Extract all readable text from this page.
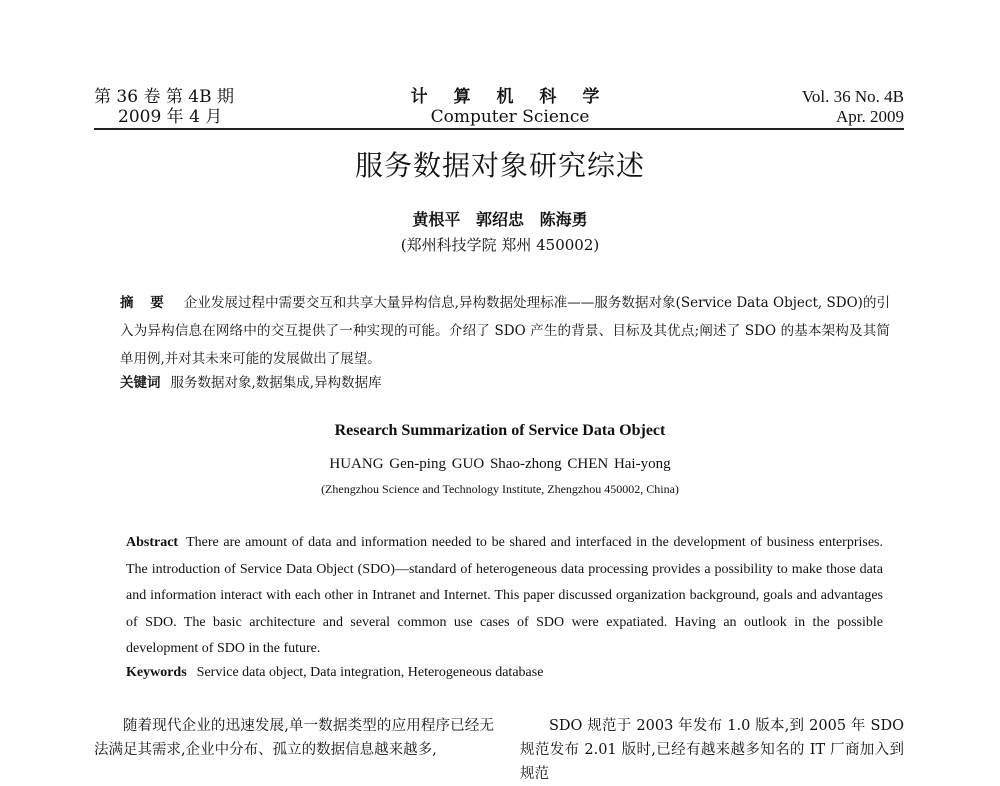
第 36 卷 第 4B 期
2009 年 4 月
计 算 机 科 学
Computer Science
Vol. 36 No. 4B
Apr. 2009
服务数据对象研究综述
黄根平 郭绍忠 陈海勇
(郑州科技学院 郑州 450002)
摘 要 企业发展过程中需要交互和共享大量异构信息,异构数据处理标准——服务数据对象(Service Data Object, SDO)的引入为异构信息在网络中的交互提供了一种实现的可能。介绍了 SDO 产生的背景、目标及其优点;阐述了 SDO 的基本架构及其简单用例,并对其未来可能的发展做出了展望。
关键词 服务数据对象,数据集成,异构数据库
Research Summarization of Service Data Object
HUANG Gen-ping GUO Shao-zhong CHEN Hai-yong
(Zhengzhou Science and Technology Institute, Zhengzhou 450002, China)
Abstract There are amount of data and information needed to be shared and interfaced in the development of business enterprises. The introduction of Service Data Object (SDO)—standard of heterogeneous data processing provides a possibility to make those data and information interact with each other in Intranet and Internet. This paper discussed organization background, goals and advantages of SDO. The basic architecture and several common use cases of SDO were expatiated. Having an outlook in the possible development of SDO in the future.
Keywords Service data object, Data integration, Heterogeneous database
随着现代企业的迅速发展,单一数据类型的应用程序已经无法满足其需求,企业中分布、孤立的数据信息越来越多,
SDO 规范于 2003 年发布 1.0 版本,到 2005 年 SDO 规范发布 2.01 版时,已经有越来越多知名的 IT 厂商加入到规范
